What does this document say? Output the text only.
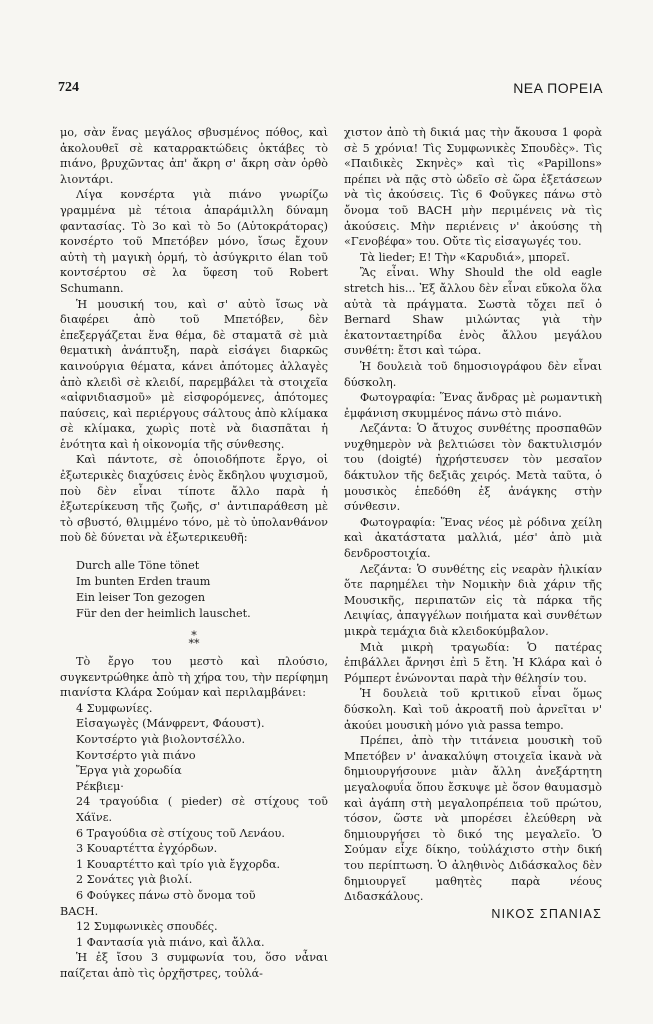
724	ΝΕΑ ΠΟΡΕΙΑ

μο, σὰν ἕνας μεγάλος σβυσμένος πόθος, καὶ ἀκολουθεῖ σὲ καταρρακτώδεις ὀκτάβες τὸ πιάνο, βρυχῶντας ἀπ' ἄκρη σ' ἄκρη σὰν ὀρθὸ λιοντάρι.

Λίγα κονσέρτα γιὰ πιάνο γνωρίζω γραμμένα μὲ τέτοια ἀπαράμιλλη δύναμη φαντασίας. Τὸ 3ο καὶ τὸ 5ο (Αὐτοκράτορας) κονσέρτο τοῦ Μπετόβεν μόνο, ἴσως ἔχουν αὐτὴ τὴ μαγικὴ ὁρμή, τὸ ἀσύγκριτο élan τοῦ κοντσέρτου σὲ λα ὕφεση τοῦ Robert Schumann.

Ἡ μουσική του, καὶ σ' αὐτὸ ἴσως νὰ διαφέρει ἀπὸ τοῦ Μπετόβεν, δὲν ἐπεξεργάζεται ἕνα θέμα, δὲ σταματᾶ σὲ μιὰ θεματικὴ ἀνάπτυξη, παρὰ εἰσάγει διαρκῶς καινούργια θέματα, κάνει ἀπότομες ἀλλαγὲς ἀπὸ κλειδὶ σὲ κλειδί, παρεμβάλει τὰ στοιχεῖα «αἰφνιδιασμοῦ» μὲ εἰσφορόμενες, ἀπότομες παύσεις, καὶ περιέργους σάλτους ἀπὸ κλίμακα σὲ κλίμακα, χωρὶς ποτὲ νὰ διασπᾶται ἡ ἑνότητα καὶ ἡ οἰκονομία τῆς σύνθεσης.

Καὶ πάντοτε, σὲ ὁποιοδήποτε ἔργο, οἱ ἐξωτερικὲς διαχύσεις ἑνὸς ἔκδηλου ψυχισμοῦ, ποὺ δὲν εἶναι τίποτε ἄλλο παρὰ ἡ ἐξωτερίκευση τῆς ζωῆς, σ' ἀντιπαράθεση μὲ τὸ σβυστό, θλιμμένο τόνο, μὲ τὸ ὑπολανθάνον ποὺ δὲ δύνεται νὰ ἐξωτερικευθῆ:

Durch alle Töne tönet
Im bunten Erden traum
Ein leiser Ton gezogen
Für den der heimlich lauschet.
*
**

Τὸ ἔργο του μεστὸ καὶ πλούσιο, συγκεντρώθηκε ἀπὸ τὴ χήρα του, τὴν περίφημη πιανίστα Κλάρα Σούμαν καὶ περιλαμβάνει:

4 Συμφωνίες.
Εἰσαγωγὲς (Μάνφρεντ, Φάουστ).
Κοντσέρτο γιὰ βιολοντσέλλο.
Κοντσέρτο γιὰ πιάνο
Ἔργα γιὰ χορωδία
Ρέκβιεμ·
24 τραγούδια ( pieder) σὲ στίχους τοῦ Χάϊνε.
6 Τραγούδια σὲ στίχους τοῦ Λενάου.
3 Κουαρτέττα ἐγχόρδων.
1 Κουαρτέττο καὶ τρίο γιὰ ἔγχορδα.
2 Σονάτες γιὰ βιολί.
6 Φούγκες πάνω στὸ ὄνομα τοῦ
BACH.
12 Συμφωνικὲς σπουδές.
1 Φαντασία γιὰ πιάνο, καὶ ἄλλα.

Ἡ ἐξ ἴσου 3 συμφωνία του, ὅσο νἆναι παίζεται ἀπὸ τὶς ὀρχῆστρες, τοὐλά-

χιστον ἀπὸ τὴ δικιά μας τὴν ἄκουσα 1 φορὰ σὲ 5 χρόνια! Τὶς Συμφωνικὲς Σπουδὲς». Τὶς «Παιδικὲς Σκηνὲς» καὶ τὶς «Papillons» πρέπει νὰ πᾷς στὸ ὠδεῖο σὲ ὥρα ἐξετάσεων νὰ τὶς ἀκούσεις. Τὶς 6 Φοῦγκες πάνω στὸ ὄνομα τοῦ BACH μὴν περιμένεις νὰ τὶς ἀκούσεις. Μὴν περιένεις ν' ἀκούσης τὴ «Γενοβέφα» του. Οὔτε τὶς εἰσαγωγές του.

Τὰ lieder; Ε! Τὴν «Καρυδιά», μπορεῖ.

Ἂς εἶναι. Why Should the old eagle stretch his... Ἐξ ἄλλου δὲν εἶναι εὔκολα ὅλα αὐτὰ τὰ πράγματα. Σωστὰ τὄχει πεῖ ὁ Bernard Shaw μιλώντας γιὰ τὴν ἑκατονταετηρίδα ἑνὸς ἄλλου μεγάλου συνθέτη: ἔτσι καὶ τώρα.

Ἡ δουλειὰ τοῦ δημοσιογράφου δὲν εἶναι δύσκολη.

Φωτογραφία: Ἕνας ἄνδρας μὲ ρωμαντικὴ ἐμφάνιση σκυμμένος πάνω στὸ πιάνο.

Λεζάντα: Ὁ ἄτυχος συνθέτης προσπαθῶν νυχθημερὸν νὰ βελτιώσει τὸν δακτυλισμόν του (doigté) ἠχρήστευσεν τὸν μεσαῖον δάκτυλον τῆς δεξιᾶς χειρός. Μετὰ ταῦτα, ὁ μουσικὸς ἐπεδόθη ἐξ ἀνάγκης στὴν σύνθεσιν.

Φωτογραφία: Ἕνας νέος μὲ ρόδινα χείλη καὶ ἀκατάστατα μαλλιά, μέσ' ἀπὸ μιὰ δενδροστοιχία.

Λεζάντα: Ὁ συνθέτης εἰς νεαρὰν ἡλικίαν ὅτε παρημέλει τὴν Νομικὴν διὰ χάριν τῆς Μουσικῆς, περιπατῶν εἰς τὰ πάρκα τῆς Λειψίας, ἀπαγγέλων ποιήματα καὶ συνθέτων μικρὰ τεμάχια διὰ κλειδοκύμβαλον.

Μιὰ μικρὴ τραγωδία: Ὁ πατέρας ἐπιβάλλει ἄρνησι ἐπὶ 5 ἔτη. Ἡ Κλάρα καὶ ὁ Ρόμπερτ ἑνώνονται παρὰ τὴν θέλησίν του.

Ἡ δουλειὰ τοῦ κριτικοῦ εἶναι ὅμως δύσκολη. Καὶ τοῦ ἀκροατῆ ποὺ ἀρνεῖται ν' ἀκούει μουσικὴ μόνο γιὰ passa tempo.

Πρέπει, ἀπὸ τὴν τιτάνεια μουσικὴ τοῦ Μπετόβεν ν' ἀνακαλύψη στοιχεῖα ἱκανὰ νὰ δημιουργήσουνε μιὰν ἄλλη ἀνεξάρτητη μεγαλοφυΐα ὅπου ἔσκυψε μὲ ὅσον θαυμασμὸ καὶ ἀγάπη στὴ μεγαλοπρέπεια τοῦ πρώτου, τόσον, ὥστε νὰ μπορέσει ἐλεύθερη νὰ δημιουργήσει τὸ δικό της μεγαλεῖο. Ὁ Σούμαν εἶχε δίκηο, τοὐλάχιστο στὴν δική του περίπτωση. Ὁ ἀληθινὸς Διδάσκαλος δὲν δημιουργεῖ μαθητὲς παρὰ νέους Διδασκάλους.

ΝΙΚΟΣ ΣΠΑΝΙΑΣ
